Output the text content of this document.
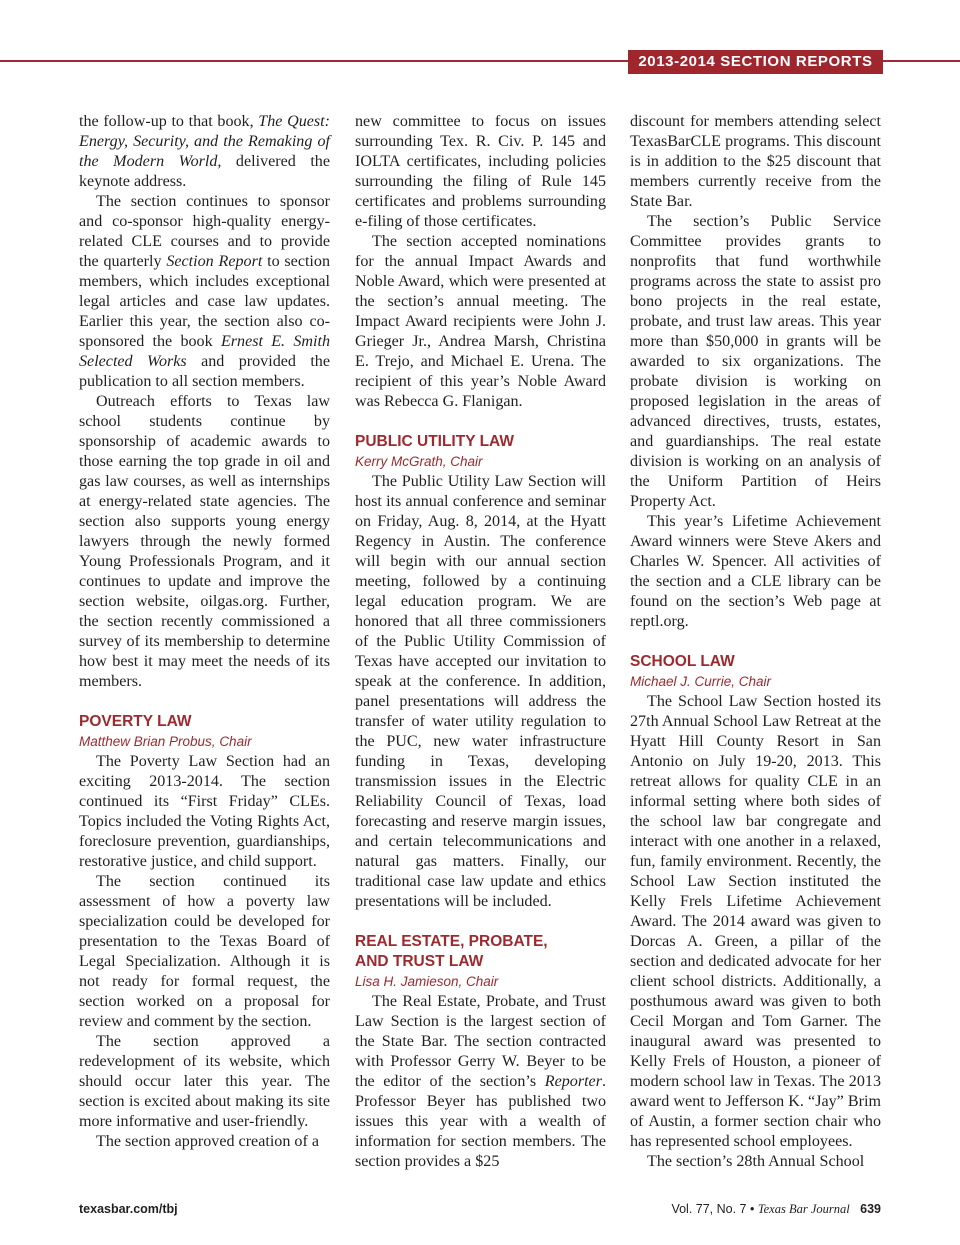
2013-2014 SECTION REPORTS

the follow-up to that book, The Quest: Energy, Security, and the Remaking of the Modern World, delivered the keynote address.

The section continues to sponsor and co-sponsor high-quality energy-related CLE courses and to provide the quarterly Section Report to section members, which includes exceptional legal articles and case law updates. Earlier this year, the section also co-sponsored the book Ernest E. Smith Selected Works and provided the publication to all section members.

Outreach efforts to Texas law school students continue by sponsorship of academic awards to those earning the top grade in oil and gas law courses, as well as internships at energy-related state agencies. The section also supports young energy lawyers through the newly formed Young Professionals Program, and it continues to update and improve the section website, oilgas.org. Further, the section recently commissioned a survey of its membership to determine how best it may meet the needs of its members.

POVERTY LAW
Matthew Brian Probus, Chair

The Poverty Law Section had an exciting 2013-2014. The section continued its “First Friday” CLEs. Topics included the Voting Rights Act, foreclosure prevention, guardianships, restorative justice, and child support.

The section continued its assessment of how a poverty law specialization could be developed for presentation to the Texas Board of Legal Specialization. Although it is not ready for formal request, the section worked on a proposal for review and comment by the section.

The section approved a redevelopment of its website, which should occur later this year. The section is excited about making its site more informative and user-friendly.

The section approved creation of a

new committee to focus on issues surrounding Tex. R. Civ. P. 145 and IOLTA certificates, including policies surrounding the filing of Rule 145 certificates and problems surrounding e-filing of those certificates.

The section accepted nominations for the annual Impact Awards and Noble Award, which were presented at the section’s annual meeting. The Impact Award recipients were John J. Grieger Jr., Andrea Marsh, Christina E. Trejo, and Michael E. Urena. The recipient of this year’s Noble Award was Rebecca G. Flanigan.

PUBLIC UTILITY LAW
Kerry McGrath, Chair

The Public Utility Law Section will host its annual conference and seminar on Friday, Aug. 8, 2014, at the Hyatt Regency in Austin. The conference will begin with our annual section meeting, followed by a continuing legal education program. We are honored that all three commissioners of the Public Utility Commission of Texas have accepted our invitation to speak at the conference. In addition, panel presentations will address the transfer of water utility regulation to the PUC, new water infrastructure funding in Texas, developing transmission issues in the Electric Reliability Council of Texas, load forecasting and reserve margin issues, and certain telecommunications and natural gas matters. Finally, our traditional case law update and ethics presentations will be included.

REAL ESTATE, PROBATE,
AND TRUST LAW
Lisa H. Jamieson, Chair

The Real Estate, Probate, and Trust Law Section is the largest section of the State Bar. The section contracted with Professor Gerry W. Beyer to be the editor of the section’s Reporter. Professor Beyer has published two issues this year with a wealth of information for section members. The section provides a $25

discount for members attending select TexasBarCLE programs. This discount is in addition to the $25 discount that members currently receive from the State Bar.

The section’s Public Service Committee provides grants to nonprofits that fund worthwhile programs across the state to assist pro bono projects in the real estate, probate, and trust law areas. This year more than $50,000 in grants will be awarded to six organizations. The probate division is working on proposed legislation in the areas of advanced directives, trusts, estates, and guardianships. The real estate division is working on an analysis of the Uniform Partition of Heirs Property Act.

This year’s Lifetime Achievement Award winners were Steve Akers and Charles W. Spencer. All activities of the section and a CLE library can be found on the section’s Web page at reptl.org.

SCHOOL LAW
Michael J. Currie, Chair

The School Law Section hosted its 27th Annual School Law Retreat at the Hyatt Hill County Resort in San Antonio on July 19-20, 2013. This retreat allows for quality CLE in an informal setting where both sides of the school law bar congregate and interact with one another in a relaxed, fun, family environment. Recently, the School Law Section instituted the Kelly Frels Lifetime Achievement Award. The 2014 award was given to Dorcas A. Green, a pillar of the section and dedicated advocate for her client school districts. Additionally, a posthumous award was given to both Cecil Morgan and Tom Garner. The inaugural award was presented to Kelly Frels of Houston, a pioneer of modern school law in Texas. The 2013 award went to Jefferson K. “Jay” Brim of Austin, a former section chair who has represented school employees.

The section’s 28th Annual School

texasbar.com/tbj	Vol. 77, No. 7 • Texas Bar Journal 639
